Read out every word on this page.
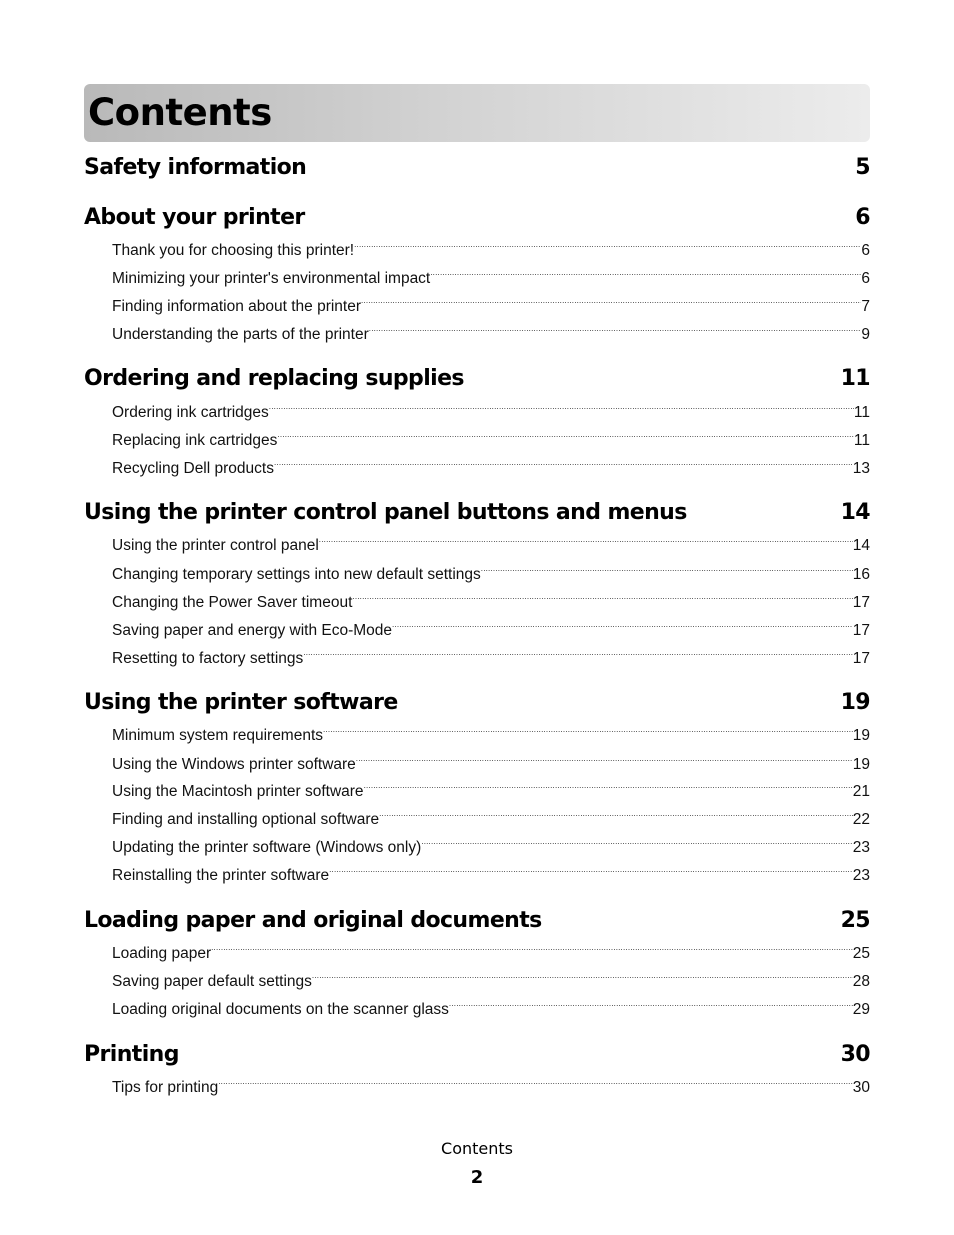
Contents
Safety information	5
About your printer	6
Thank you for choosing this printer! .....	6
Minimizing your printer's environmental impact .....	6
Finding information about the printer .....	7
Understanding the parts of the printer .....	9
Ordering and replacing supplies	11
Ordering ink cartridges .....	11
Replacing ink cartridges .....	11
Recycling Dell products .....	13
Using the printer control panel buttons and menus	14
Using the printer control panel .....	14
Changing temporary settings into new default settings .....	16
Changing the Power Saver timeout .....	17
Saving paper and energy with Eco-Mode .....	17
Resetting to factory settings .....	17
Using the printer software	19
Minimum system requirements .....	19
Using the Windows printer software .....	19
Using the Macintosh printer software .....	21
Finding and installing optional software .....	22
Updating the printer software (Windows only) .....	23
Reinstalling the printer software .....	23
Loading paper and original documents	25
Loading paper .....	25
Saving paper default settings .....	28
Loading original documents on the scanner glass .....	29
Printing	30
Tips for printing .....	30
Contents
2
